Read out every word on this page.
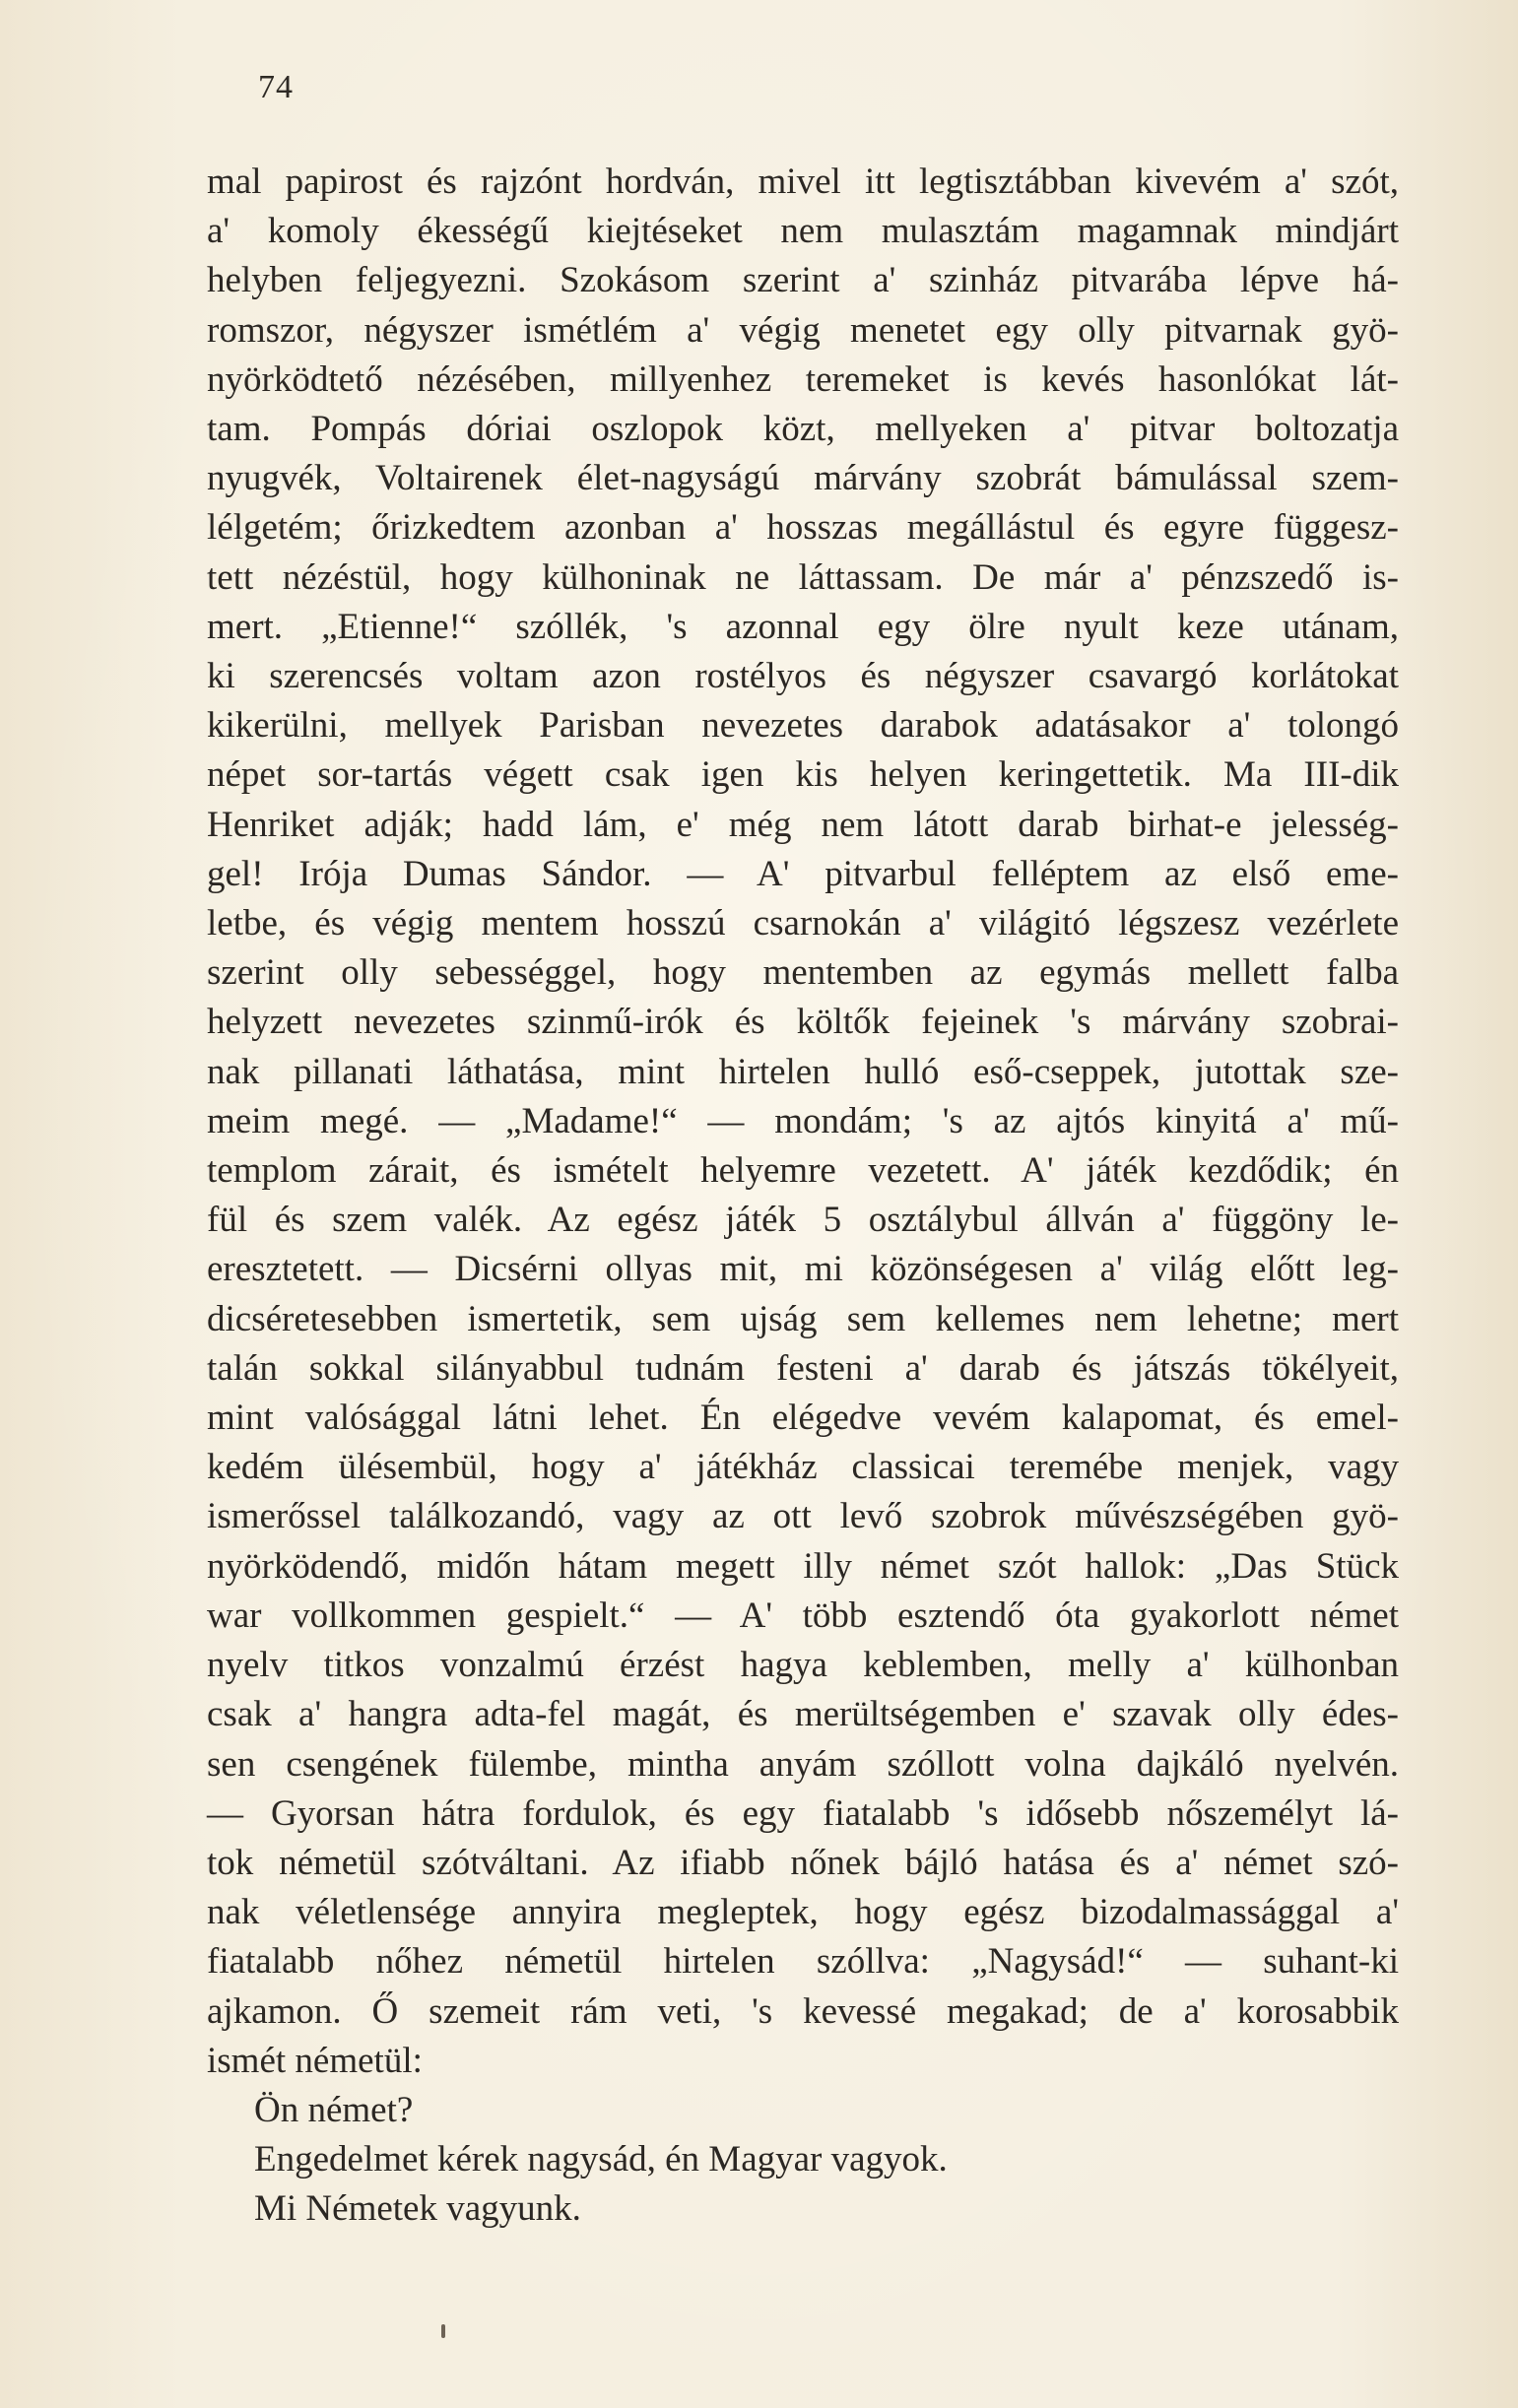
74
mal papirost és rajzónt hordván, mivel itt legtisztábban kivevém a' szót,
a' komoly ékességű kiejtéseket nem mulasztám magamnak mindjárt
helyben feljegyezni. Szokásom szerint a' szinház pitvarába lépve há-
romszor, négyszer ismétlém a' végig menetet egy olly pitvarnak gyö-
nyörködtető nézésében, millyenhez teremeket is kevés hasonlókat lát-
tam. Pompás dóriai oszlopok közt, mellyeken a' pitvar boltozatja
nyugvék, Voltairenek élet-nagyságú márvány szobrát bámulással szem-
lélgetém; őrizkedtem azonban a' hosszas megállástul és egyre függesz-
tett nézéstül, hogy külhoninak ne láttassam. De már a' pénzszedő is-
mert. „Etienne!“ szóllék, 's azonnal egy ölre nyult keze utánam,
ki szerencsés voltam azon rostélyos és négyszer csavargó korlátokat
kikerülni, mellyek Parisban nevezetes darabok adatásakor a' tolongó
népet sor-tartás végett csak igen kis helyen keringettetik. Ma III-dik
Henriket adják; hadd lám, e' még nem látott darab birhat-e jelesség-
gel! Irója Dumas Sándor. — A' pitvarbul felléptem az első eme-
letbe, és végig mentem hosszú csarnokán a' világitó légszesz vezérlete
szerint olly sebességgel, hogy mentemben az egymás mellett falba
helyzett nevezetes szinmű-irók és költők fejeinek 's márvány szobrai-
nak pillanati láthatása, mint hirtelen hulló eső-cseppek, jutottak sze-
meim megé. — „Madame!“ — mondám; 's az ajtós kinyitá a' mű-
templom zárait, és ismételt helyemre vezetett. A' játék kezdődik; én
fül és szem valék. Az egész játék 5 osztálybul állván a' függöny le-
eresztetett. — Dicsérni ollyas mit, mi közönségesen a' világ előtt leg-
dicséretesebben ismertetik, sem ujság sem kellemes nem lehetne; mert
talán sokkal silányabbul tudnám festeni a' darab és játszás tökélyeit,
mint valósággal látni lehet. Én elégedve vevém kalapomat, és emel-
kedém ülésembül, hogy a' játékház classicai teremébe menjek, vagy
ismerőssel találkozandó, vagy az ott levő szobrok művészségében gyö-
nyörködendő, midőn hátam megett illy német szót hallok: „Das Stück
war vollkommen gespielt.“ — A' több esztendő óta gyakorlott német
nyelv titkos vonzalmú érzést hagya keblemben, melly a' külhonban
csak a' hangra adta-fel magát, és merültségemben e' szavak olly édes-
sen csengének fülembe, mintha anyám szóllott volna dajkáló nyelvén.
— Gyorsan hátra fordulok, és egy fiatalabb 's idősebb nőszemélyt lá-
tok németül szótváltani. Az ifiabb nőnek bájló hatása és a' német szó-
nak véletlensége annyira megleptek, hogy egész bizodalmassággal a'
fiatalabb nőhez németül hirtelen szóllva: „Nagysád!“ — suhant-ki
ajkamon. Ő szemeit rám veti, 's kevessé megakad; de a' korosabbik
ismét németül:
Ön német?
Engedelmet kérek nagysád, én Magyar vagyok.
Mi Németek vagyunk.
